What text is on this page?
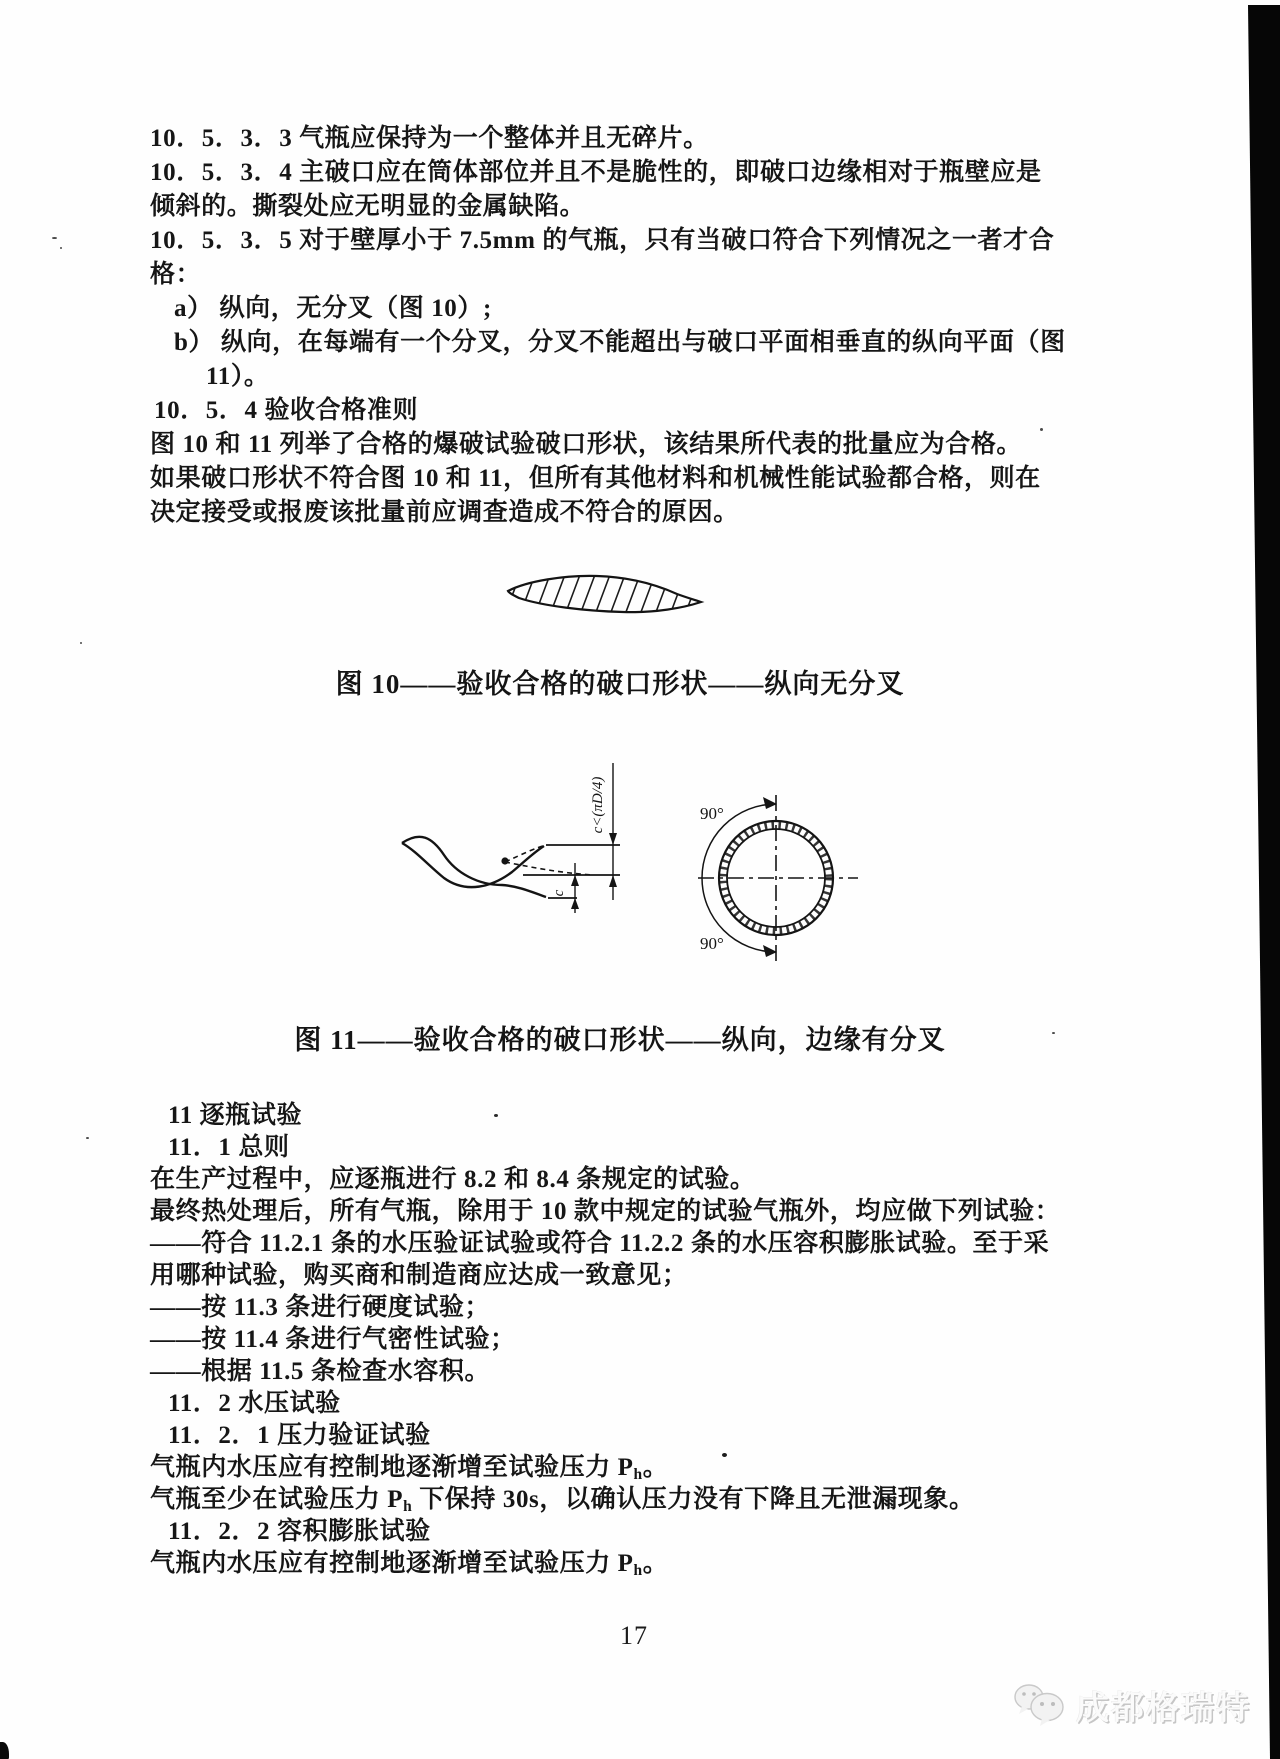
10．5．3．3 气瓶应保持为一个整体并且无碎片。
10．5．3．4 主破口应在筒体部位并且不是脆性的，即破口边缘相对于瓶壁应是
倾斜的。撕裂处应无明显的金属缺陷。
10．5．3．5 对于壁厚小于 7.5mm 的气瓶，只有当破口符合下列情况之一者才合
格：
a） 纵向，无分叉（图 10）;
b） 纵向，在每端有一个分叉，分叉不能超出与破口平面相垂直的纵向平面（图
11）。
10．5．4 验收合格准则
图 10 和 11 列举了合格的爆破试验破口形状，该结果所代表的批量应为合格。
如果破口形状不符合图 10 和 11，但所有其他材料和机械性能试验都合格，则在
决定接受或报废该批量前应调查造成不符合的原因。
图 10——验收合格的破口形状——纵向无分叉
c<(πD/4)
c
90°
90°
图 11——验收合格的破口形状——纵向，边缘有分叉
11 逐瓶试验
11．1 总则
在生产过程中，应逐瓶进行 8.2 和 8.4 条规定的试验。
最终热处理后，所有气瓶，除用于 10 款中规定的试验气瓶外，均应做下列试验：
——符合 11.2.1 条的水压验证试验或符合 11.2.2 条的水压容积膨胀试验。至于采
用哪种试验，购买商和制造商应达成一致意见；
——按 11.3 条进行硬度试验；
——按 11.4 条进行气密性试验；
——根据 11.5 条检查水容积。
11．2 水压试验
11．2．1 压力验证试验
气瓶内水压应有控制地逐渐增至试验压力 $P_h$。
气瓶至少在试验压力 $P_h$ 下保持 30s，以确认压力没有下降且无泄漏现象。
11．2．2 容积膨胀试验
气瓶内水压应有控制地逐渐增至试验压力 $P_h$。
17
成都格瑞特
